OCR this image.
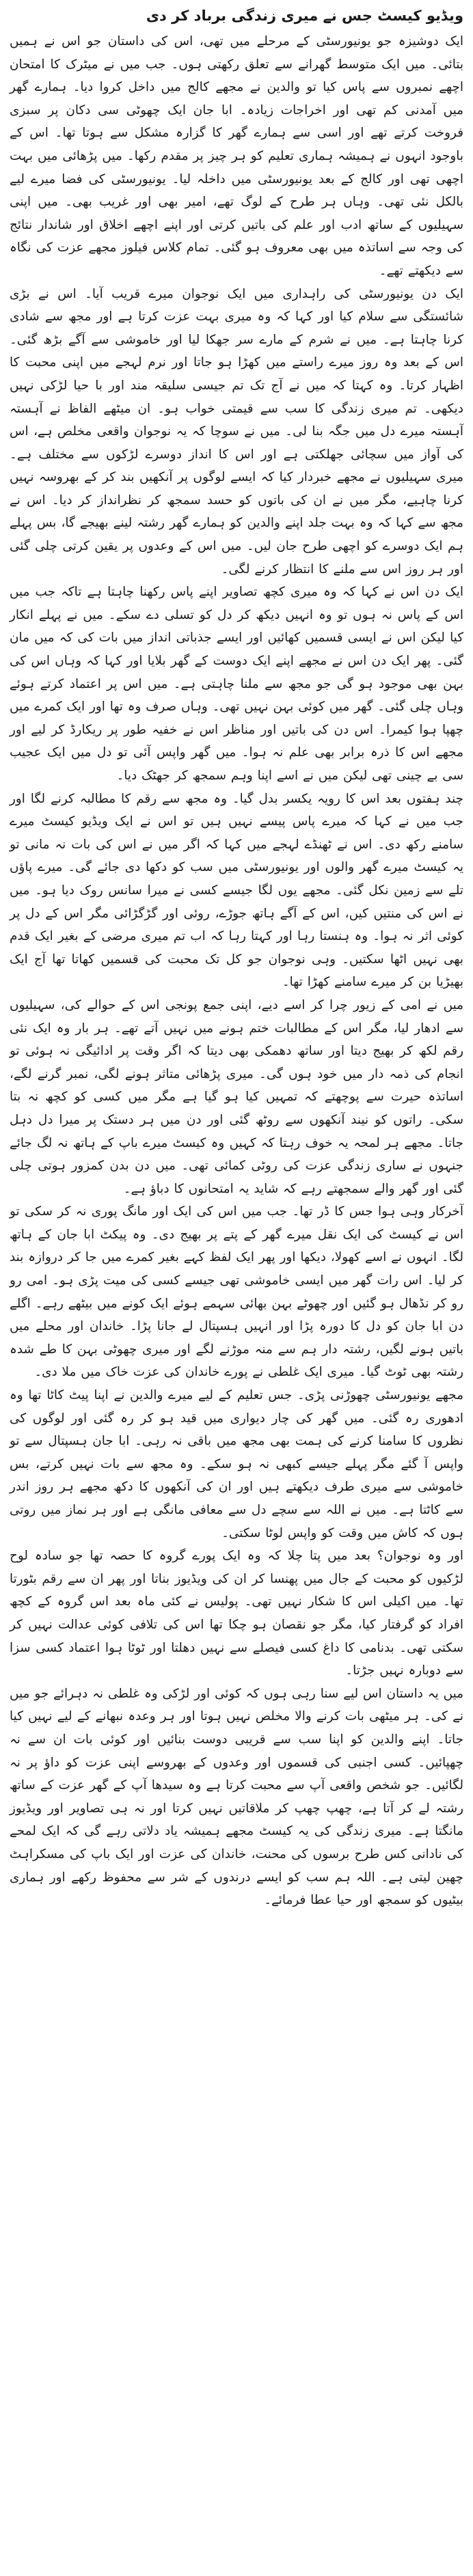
ویڈیو کیسٹ جس نے میری زندگی برباد کر دی

ایک دوشیزہ جو یونیورسٹی کے مرحلے میں تھی، اس کی داستان جو اس نے ہمیں بتائی۔ میں ایک متوسط گھرانے سے تعلق رکھتی ہوں۔ جب میں نے میٹرک کا امتحان اچھے نمبروں سے پاس کیا تو والدین نے مجھے کالج میں داخل کروا دیا۔ ہمارے گھر میں آمدنی کم تھی اور اخراجات زیادہ۔ ابا جان ایک چھوٹی سی دکان پر سبزی فروخت کرتے تھے اور اسی سے ہمارے گھر کا گزارہ مشکل سے ہوتا تھا۔ اس کے باوجود انہوں نے ہمیشہ ہماری تعلیم کو ہر چیز پر مقدم رکھا۔ میں پڑھائی میں بہت اچھی تھی اور کالج کے بعد یونیورسٹی میں داخلہ لیا۔ یونیورسٹی کی فضا میرے لیے بالکل نئی تھی۔ وہاں ہر طرح کے لوگ تھے، امیر بھی اور غریب بھی۔ میں اپنی سہیلیوں کے ساتھ ادب اور علم کی باتیں کرتی اور اپنے اچھے اخلاق اور شاندار نتائج کی وجہ سے اساتذہ میں بھی معروف ہو گئی۔ تمام کلاس فیلوز مجھے عزت کی نگاہ سے دیکھتے تھے۔

ایک دن یونیورسٹی کی راہداری میں ایک نوجوان میرے قریب آیا۔ اس نے بڑی شائستگی سے سلام کیا اور کہا کہ وہ میری بہت عزت کرتا ہے اور مجھ سے شادی کرنا چاہتا ہے۔ میں نے شرم کے مارے سر جھکا لیا اور خاموشی سے آگے بڑھ گئی۔ اس کے بعد وہ روز میرے راستے میں کھڑا ہو جاتا اور نرم لہجے میں اپنی محبت کا اظہار کرتا۔ وہ کہتا کہ میں نے آج تک تم جیسی سلیقہ مند اور با حیا لڑکی نہیں دیکھی۔ تم میری زندگی کا سب سے قیمتی خواب ہو۔ ان میٹھے الفاظ نے آہستہ آہستہ میرے دل میں جگہ بنا لی۔ میں نے سوچا کہ یہ نوجوان واقعی مخلص ہے، اس کی آواز میں سچائی جھلکتی ہے اور اس کا انداز دوسرے لڑکوں سے مختلف ہے۔ میری سہیلیوں نے مجھے خبردار کیا کہ ایسے لوگوں پر آنکھیں بند کر کے بھروسہ نہیں کرنا چاہیے، مگر میں نے ان کی باتوں کو حسد سمجھ کر نظرانداز کر دیا۔ اس نے مجھ سے کہا کہ وہ بہت جلد اپنے والدین کو ہمارے گھر رشتہ لینے بھیجے گا، بس پہلے ہم ایک دوسرے کو اچھی طرح جان لیں۔ میں اس کے وعدوں پر یقین کرتی چلی گئی اور ہر روز اس سے ملنے کا انتظار کرنے لگی۔

ایک دن اس نے کہا کہ وہ میری کچھ تصاویر اپنے پاس رکھنا چاہتا ہے تاکہ جب میں اس کے پاس نہ ہوں تو وہ انہیں دیکھ کر دل کو تسلی دے سکے۔ میں نے پہلے انکار کیا لیکن اس نے ایسی قسمیں کھائیں اور ایسے جذباتی انداز میں بات کی کہ میں مان گئی۔ پھر ایک دن اس نے مجھے اپنے ایک دوست کے گھر بلایا اور کہا کہ وہاں اس کی بہن بھی موجود ہو گی جو مجھ سے ملنا چاہتی ہے۔ میں اس پر اعتماد کرتے ہوئے وہاں چلی گئی۔ گھر میں کوئی بہن نہیں تھی۔ وہاں صرف وہ تھا اور ایک کمرے میں چھپا ہوا کیمرا۔ اس دن کی باتیں اور مناظر اس نے خفیہ طور پر ریکارڈ کر لیے اور مجھے اس کا ذرہ برابر بھی علم نہ ہوا۔ میں گھر واپس آئی تو دل میں ایک عجیب سی بے چینی تھی لیکن میں نے اسے اپنا وہم سمجھ کر جھٹک دیا۔

چند ہفتوں بعد اس کا رویہ یکسر بدل گیا۔ وہ مجھ سے رقم کا مطالبہ کرنے لگا اور جب میں نے کہا کہ میرے پاس پیسے نہیں ہیں تو اس نے ایک ویڈیو کیسٹ میرے سامنے رکھ دی۔ اس نے ٹھنڈے لہجے میں کہا کہ اگر میں نے اس کی بات نہ مانی تو یہ کیسٹ میرے گھر والوں اور یونیورسٹی میں سب کو دکھا دی جائے گی۔ میرے پاؤں تلے سے زمین نکل گئی۔ مجھے یوں لگا جیسے کسی نے میرا سانس روک دیا ہو۔ میں نے اس کی منتیں کیں، اس کے آگے ہاتھ جوڑے، روئی اور گڑگڑائی مگر اس کے دل پر کوئی اثر نہ ہوا۔ وہ ہنستا رہا اور کہتا رہا کہ اب تم میری مرضی کے بغیر ایک قدم بھی نہیں اٹھا سکتیں۔ وہی نوجوان جو کل تک محبت کی قسمیں کھاتا تھا آج ایک بھیڑیا بن کر میرے سامنے کھڑا تھا۔

میں نے امی کے زیور چرا کر اسے دیے، اپنی جمع پونجی اس کے حوالے کی، سہیلیوں سے ادھار لیا، مگر اس کے مطالبات ختم ہونے میں نہیں آتے تھے۔ ہر بار وہ ایک نئی رقم لکھ کر بھیج دیتا اور ساتھ دھمکی بھی دیتا کہ اگر وقت پر ادائیگی نہ ہوئی تو انجام کی ذمہ دار میں خود ہوں گی۔ میری پڑھائی متاثر ہونے لگی، نمبر گرنے لگے، اساتذہ حیرت سے پوچھتے کہ تمہیں کیا ہو گیا ہے مگر میں کسی کو کچھ نہ بتا سکی۔ راتوں کو نیند آنکھوں سے روٹھ گئی اور دن میں ہر دستک پر میرا دل دہل جاتا۔ مجھے ہر لمحہ یہ خوف رہتا کہ کہیں وہ کیسٹ میرے باپ کے ہاتھ نہ لگ جائے جنہوں نے ساری زندگی عزت کی روٹی کمائی تھی۔ میں دن بدن کمزور ہوتی چلی گئی اور گھر والے سمجھتے رہے کہ شاید یہ امتحانوں کا دباؤ ہے۔

آخرکار وہی ہوا جس کا ڈر تھا۔ جب میں اس کی ایک اور مانگ پوری نہ کر سکی تو اس نے کیسٹ کی ایک نقل میرے گھر کے پتے پر بھیج دی۔ وہ پیکٹ ابا جان کے ہاتھ لگا۔ انہوں نے اسے کھولا، دیکھا اور پھر ایک لفظ کہے بغیر کمرے میں جا کر دروازہ بند کر لیا۔ اس رات گھر میں ایسی خاموشی تھی جیسے کسی کی میت پڑی ہو۔ امی رو رو کر نڈھال ہو گئیں اور چھوٹے بہن بھائی سہمے ہوئے ایک کونے میں بیٹھے رہے۔ اگلے دن ابا جان کو دل کا دورہ پڑا اور انہیں ہسپتال لے جانا پڑا۔ خاندان اور محلے میں باتیں ہونے لگیں، رشتہ دار ہم سے منہ موڑنے لگے اور میری چھوٹی بہن کا طے شدہ رشتہ بھی ٹوٹ گیا۔ میری ایک غلطی نے پورے خاندان کی عزت خاک میں ملا دی۔

مجھے یونیورسٹی چھوڑنی پڑی۔ جس تعلیم کے لیے میرے والدین نے اپنا پیٹ کاٹا تھا وہ ادھوری رہ گئی۔ میں گھر کی چار دیواری میں قید ہو کر رہ گئی اور لوگوں کی نظروں کا سامنا کرنے کی ہمت بھی مجھ میں باقی نہ رہی۔ ابا جان ہسپتال سے تو واپس آ گئے مگر پہلے جیسے کبھی نہ ہو سکے۔ وہ مجھ سے بات نہیں کرتے، بس خاموشی سے میری طرف دیکھتے ہیں اور ان کی آنکھوں کا دکھ مجھے ہر روز اندر سے کاٹتا ہے۔ میں نے اللہ سے سچے دل سے معافی مانگی ہے اور ہر نماز میں روتی ہوں کہ کاش میں وقت کو واپس لوٹا سکتی۔

اور وہ نوجوان؟ بعد میں پتا چلا کہ وہ ایک پورے گروہ کا حصہ تھا جو سادہ لوح لڑکیوں کو محبت کے جال میں پھنسا کر ان کی ویڈیوز بناتا اور پھر ان سے رقم بٹورتا تھا۔ میں اکیلی اس کا شکار نہیں تھی۔ پولیس نے کئی ماہ بعد اس گروہ کے کچھ افراد کو گرفتار کیا، مگر جو نقصان ہو چکا تھا اس کی تلافی کوئی عدالت نہیں کر سکتی تھی۔ بدنامی کا داغ کسی فیصلے سے نہیں دھلتا اور ٹوٹا ہوا اعتماد کسی سزا سے دوبارہ نہیں جڑتا۔

میں یہ داستان اس لیے سنا رہی ہوں کہ کوئی اور لڑکی وہ غلطی نہ دہرائے جو میں نے کی۔ ہر میٹھی بات کرنے والا مخلص نہیں ہوتا اور ہر وعدہ نبھانے کے لیے نہیں کیا جاتا۔ اپنے والدین کو اپنا سب سے قریبی دوست بنائیں اور کوئی بات ان سے نہ چھپائیں۔ کسی اجنبی کی قسموں اور وعدوں کے بھروسے اپنی عزت کو داؤ پر نہ لگائیں۔ جو شخص واقعی آپ سے محبت کرتا ہے وہ سیدھا آپ کے گھر عزت کے ساتھ رشتہ لے کر آتا ہے، چھپ چھپ کر ملاقاتیں نہیں کرتا اور نہ ہی تصاویر اور ویڈیوز مانگتا ہے۔ میری زندگی کی یہ کیسٹ مجھے ہمیشہ یاد دلاتی رہے گی کہ ایک لمحے کی نادانی کس طرح برسوں کی محنت، خاندان کی عزت اور ایک باپ کی مسکراہٹ چھین لیتی ہے۔ اللہ ہم سب کو ایسے درندوں کے شر سے محفوظ رکھے اور ہماری بیٹیوں کو سمجھ اور حیا عطا فرمائے۔
